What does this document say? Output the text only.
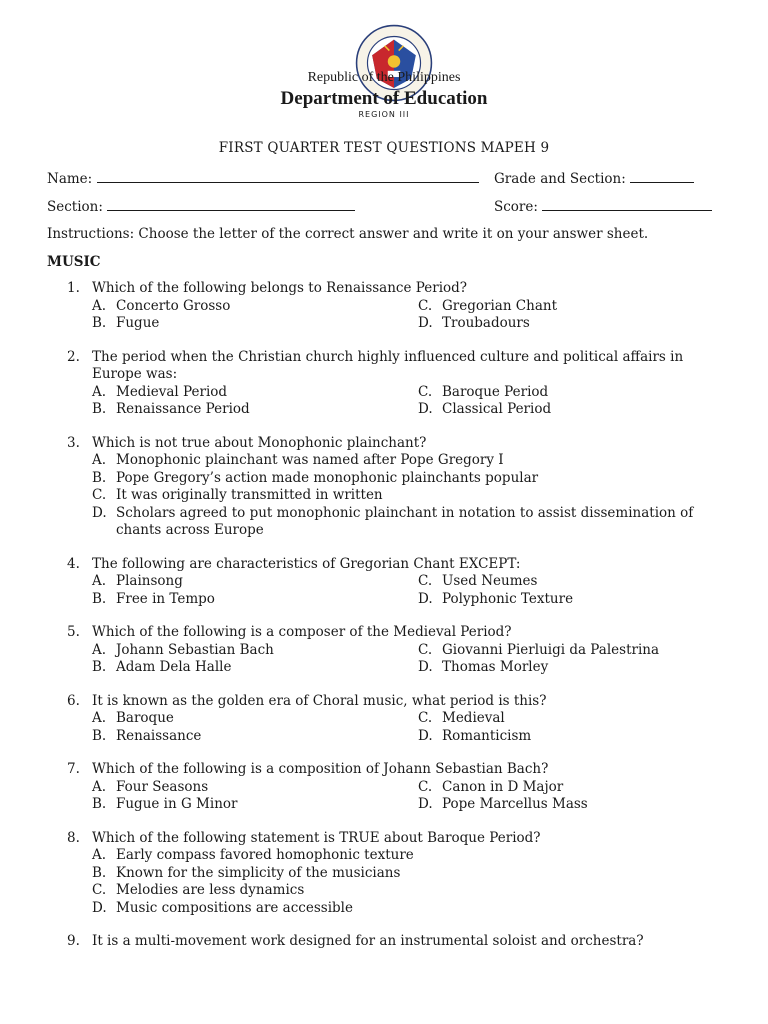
Republic of the Philippines
Department of Education
REGION III
FIRST QUARTER TEST QUESTIONS MAPEH 9
Name:	Grade and Section:
Section:	Score:
Instructions: Choose the letter of the correct answer and write it on your answer sheet.
MUSIC
1. Which of the following belongs to Renaissance Period?
A. Concerto Grosso	C. Gregorian Chant
B. Fugue	D. Troubadours
2. The period when the Christian church highly influenced culture and political affairs in Europe was:
A. Medieval Period	C. Baroque Period
B. Renaissance Period	D. Classical Period
3. Which is not true about Monophonic plainchant?
A. Monophonic plainchant was named after Pope Gregory I
B. Pope Gregory’s action made monophonic plainchants popular
C. It was originally transmitted in written
D. Scholars agreed to put monophonic plainchant in notation to assist dissemination of chants across Europe
4. The following are characteristics of Gregorian Chant EXCEPT:
A. Plainsong	C. Used Neumes
B. Free in Tempo	D. Polyphonic Texture
5. Which of the following is a composer of the Medieval Period?
A. Johann Sebastian Bach	C. Giovanni Pierluigi da Palestrina
B. Adam Dela Halle	D. Thomas Morley
6. It is known as the golden era of Choral music, what period is this?
A. Baroque	C. Medieval
B. Renaissance	D. Romanticism
7. Which of the following is a composition of Johann Sebastian Bach?
A. Four Seasons	C. Canon in D Major
B. Fugue in G Minor	D. Pope Marcellus Mass
8. Which of the following statement is TRUE about Baroque Period?
A. Early compass favored homophonic texture
B. Known for the simplicity of the musicians
C. Melodies are less dynamics
D. Music compositions are accessible
9. It is a multi-movement work designed for an instrumental soloist and orchestra?
